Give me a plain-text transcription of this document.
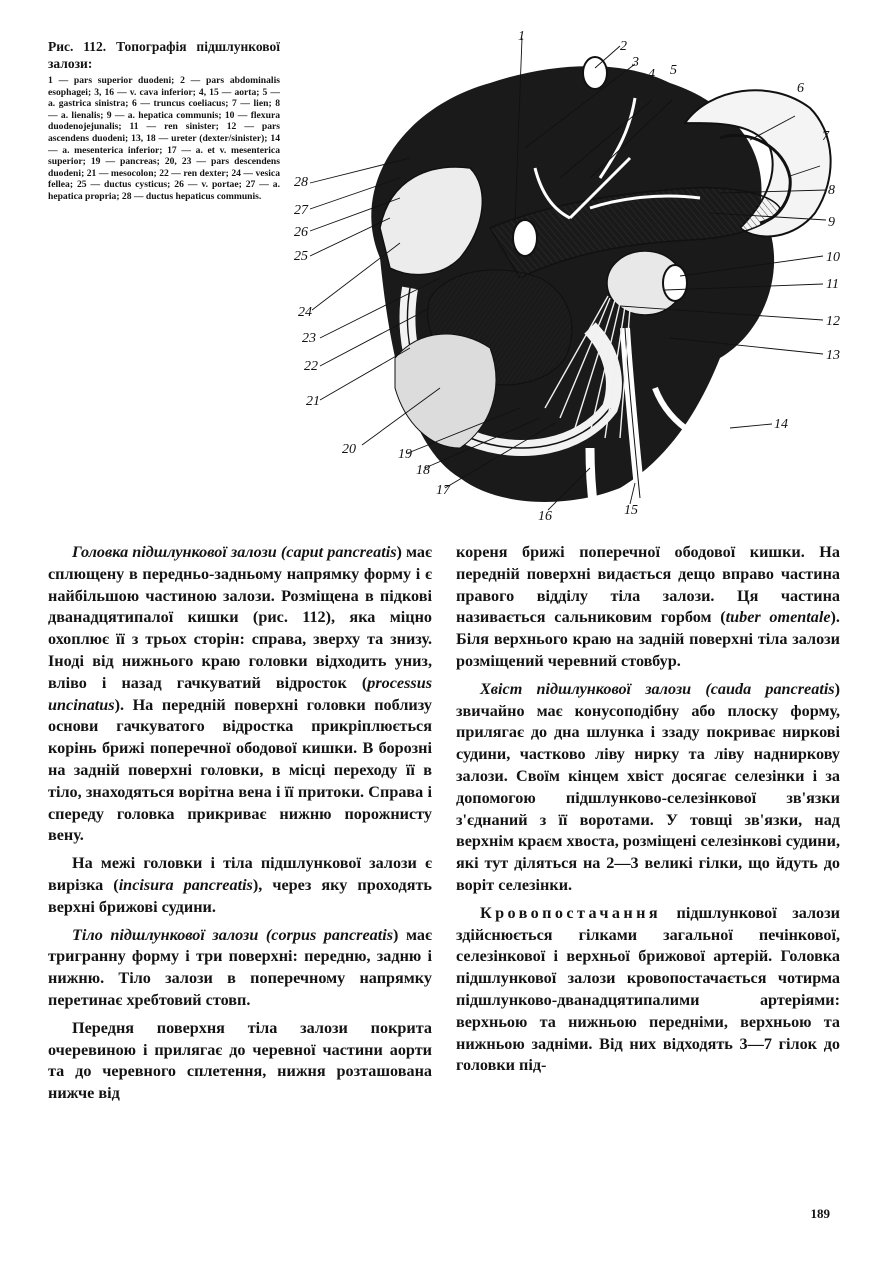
Рис. 112. Топографія підшлункової залози:

1 — pars superior duodeni; 2 — pars abdominalis esophagei; 3, 16 — v. cava inferior; 4, 15 — aorta; 5 — a. gastrica sinistra; 6 — truncus coeliacus; 7 — lien; 8 — a. lienalis; 9 — a. hepatica communis; 10 — flexura duodenojejunalis; 11 — ren sinister; 12 — pars ascendens duodeni; 13, 18 — ureter (dexter/sinister); 14 — a. mesenterica inferior; 17 — a. et v. mesenterica superior; 19 — pancreas; 20, 23 — pars descendens duodeni; 21 — mesocolon; 22 — ren dexter; 24 — vesica fellea; 25 — ductus cysticus; 26 — v. portae; 27 — a. hepatica propria; 28 — ductus hepaticus communis.

1
2
3
4 5
6
7
8
9
10
11
12
13
14
15
16
17
18
19
20
21
22
23
24
25
26
27
28

Головка підшлункової залози (caput pancreatis) має сплющену в передньо-задньому напрямку форму і є найбільшою частиною залози. Розміщена в підкові дванадцятипалої кишки (рис. 112), яка міцно охоплює її з трьох сторін: справа, зверху та знизу. Іноді від нижнього краю головки відходить униз, вліво і назад гачкуватий відросток (processus uncinatus). На передній поверхні головки поблизу основи гачкуватого відростка прикріплюється корінь брижі поперечної ободової кишки. В борозні на задній поверхні головки, в місці переходу її в тіло, знаходяться ворітна вена і її притоки. Справа і спереду головка прикриває нижню порожнисту вену.

На межі головки і тіла підшлункової залози є вирізка (incisura pancreatis), через яку проходять верхні брижові судини.

Тіло підшлункової залози (corpus pancreatis) має тригранну форму і три поверхні: передню, задню і нижню. Тіло залози в поперечному напрямку перетинає хребтовий стовп.

Передня поверхня тіла залози покрита очеревиною і прилягає до черевної частини аорти та до черевного сплетення, нижня розташована нижче від

кореня брижі поперечної ободової кишки. На передній поверхні видається дещо вправо частина правого відділу тіла залози. Ця частина називається сальниковим горбом (tuber omentale). Біля верхнього краю на задній поверхні тіла залози розміщений черевний стовбур.

Хвіст підшлункової залози (cauda pancreatis) звичайно має конусоподібну або плоску форму, прилягає до дна шлунка і ззаду покриває ниркові судини, частково ліву нирку та ліву надниркову залози. Своїм кінцем хвіст досягає селезінки і за допомогою підшлунково-селезінкової зв'язки з'єднаний з її воротами. У товщі зв'язки, над верхнім краєм хвоста, розміщені селезінкові судини, які тут діляться на 2—3 великі гілки, що йдуть до воріт селезінки.

Кровопостачання підшлункової залози здійснюється гілками загальної печінкової, селезінкової і верхньої брижової артерій. Головка підшлункової залози кровопостачається чотирма підшлунково-дванадцятипалими артеріями: верхньою та нижньою передніми, верхньою та нижньою задніми. Від них відходять 3—7 гілок до головки під-

189
